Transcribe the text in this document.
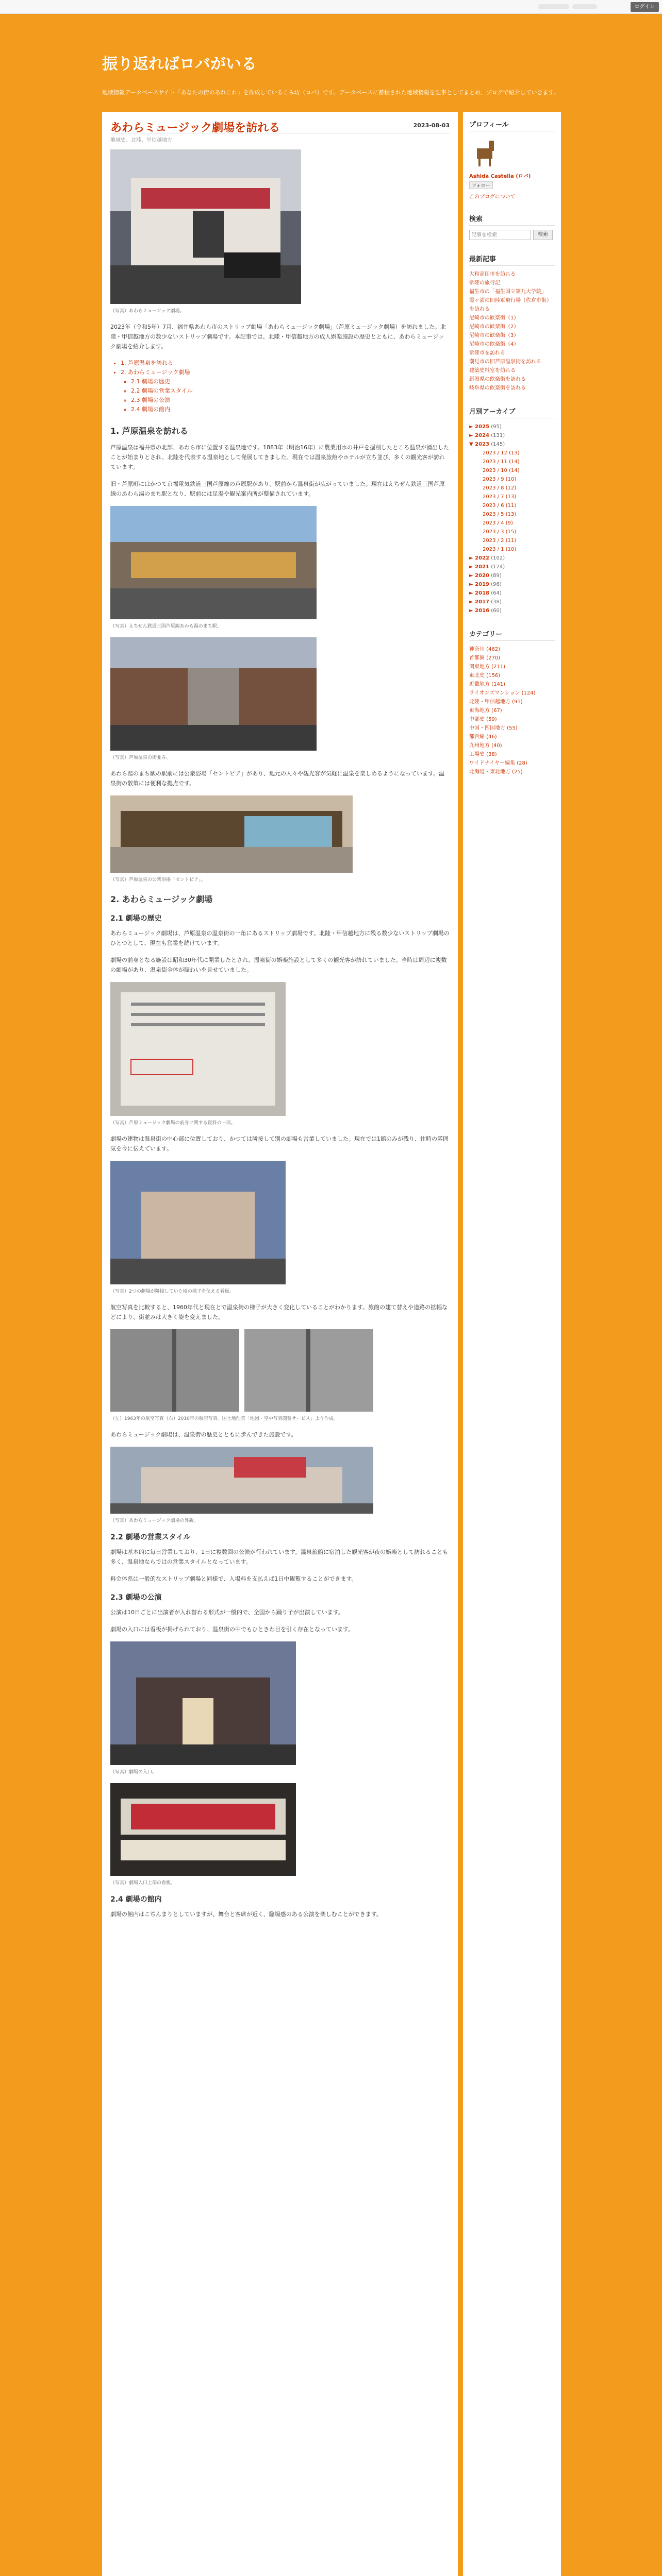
ログイン
振り返ればロバがいる
地域情報データベースサイト「あなたの街のあれこれ」を作成しているこみ坊（ロバ）です。データベースに蓄積された地域情報を記事としてまとめ、ブログで紹介していきます。
あわらミュージック劇場を訪れる	2023-08-03
地域史、北陸、甲信越地方
（写真）あわらミュージック劇場。

2023年（令和5年）7月、福井県あわら市のストリップ劇場「あわらミュージック劇場」（芦原ミュージック劇場）を訪れました。北陸・甲信越地方の数少ないストリップ劇場です。本記事では、北陸・甲信越地方の成人娯楽施設の歴史とともに、あわらミュージック劇場を紹介します。

• 1. 芦原温泉を訪れる
• 2. あわらミュージック劇場
◦ 2.1 劇場の歴史
◦ 2.2 劇場の営業スタイル
◦ 2.3 劇場の公演
◦ 2.4 劇場の館内
1. 芦原温泉を訪れる

芦原温泉は福井県の北部、あわら市に位置する温泉地です。1883年（明治16年）に農業用水の井戸を掘削したところ温泉が湧出したことが始まりとされ、北陸を代表する温泉地として発展してきました。現在では温泉旅館やホテルが立ち並び、多くの観光客が訪れています。

旧・芦原町にはかつて京福電気鉄道三国芦原線の芦原駅があり、駅前から温泉街が広がっていました。現在はえちぜん鉄道三国芦原線のあわら湯のまち駅となり、駅前には足湯や観光案内所が整備されています。

（写真）えちぜん鉄道三国芦原線あわら湯のまち駅。
（写真）芦原温泉の街並み。

あわら湯のまち駅の駅前には公衆浴場「セントピア」があり、地元の人々や観光客が気軽に温泉を楽しめるようになっています。温泉街の散策には便利な拠点です。

（写真）芦原温泉の公衆浴場「セントピア」。
2. あわらミュージック劇場
2.1 劇場の歴史

あわらミュージック劇場は、芦原温泉の温泉街の一角にあるストリップ劇場です。北陸・甲信越地方に残る数少ないストリップ劇場のひとつとして、現在も営業を続けています。

劇場の前身となる施設は昭和30年代に開業したとされ、温泉街の娯楽施設として多くの観光客が訪れていました。当時は周辺に複数の劇場があり、温泉街全体が賑わいを見せていました。

（写真）芦原ミュージック劇場の前身に関する資料の一部。

劇場の建物は温泉街の中心部に位置しており、かつては隣接して別の劇場も営業していました。現在では1館のみが残り、往時の雰囲気を今に伝えています。

（写真）2つの劇場が隣接していた頃の様子を伝える看板。

航空写真を比較すると、1960年代と現在とで温泉街の様子が大きく変化していることがわかります。旅館の建て替えや道路の拡幅などにより、街並みは大きく姿を変えました。

（左）1963年の航空写真（右）2010年の航空写真。国土地理院「地図・空中写真閲覧サービス」より作成。

あわらミュージック劇場は、温泉街の歴史とともに歩んできた施設です。

（写真）あわらミュージック劇場の外観。
2.2 劇場の営業スタイル

劇場は基本的に毎日営業しており、1日に複数回の公演が行われています。温泉旅館に宿泊した観光客が夜の娯楽として訪れることも多く、温泉地ならではの営業スタイルとなっています。

料金体系は一般的なストリップ劇場と同様で、入場料を支払えば1日中観覧することができます。

2.3 劇場の公演

公演は10日ごとに出演者が入れ替わる形式が一般的で、全国から踊り子が出演しています。

劇場の入口には看板が掲げられており、温泉街の中でもひときわ目を引く存在となっています。

（写真）劇場の入口。
（写真）劇場入口上部の看板。
2.4 劇場の館内

劇場の館内はこぢんまりとしていますが、舞台と客席が近く、臨場感のある公演を楽しむことができます。

プロフィール
Ashida Castella (ロバ)
フォロー
このブログについて
検索
記事を検索
検索
最新記事
大和高田市を訪れる
常陸の旅行記
福生市の「福生国立第九大学院」
霞ヶ浦の旧陸軍飛行場（佐倉市街）を訪れる
尼崎市の歓楽街（1）
尼崎市の歓楽街（2）
尼崎市の歓楽街（3）
尼崎市の飲楽街（4）
常陸市を訪れる
潮見市の旧芦原温泉街を訪れる
建築史料室を訪れる
新潟県の飲楽街を訪れる
岐阜県の飲楽街を訪れる
月別アーカイブ
► 2025 (95)
► 2024 (131)
▼ 2023 (145)
2023 / 12 (13)
2023 / 11 (14)
2023 / 10 (14)
2023 / 9 (10)
2023 / 8 (12)
2023 / 7 (13)
2023 / 6 (11)
2023 / 5 (13)
2023 / 4 (9)
2023 / 3 (15)
2023 / 2 (11)
2023 / 1 (10)
► 2022 (102)
► 2021 (124)
► 2020 (89)
► 2019 (96)
► 2018 (64)
► 2017 (38)
► 2016 (60)
カテゴリー
神奈川 (462)
首都圏 (270)
関東地方 (211)
東北史 (156)
近畿地方 (141)
ライオンズマンション (124)
北陸・甲信越地方 (91)
東海地方 (67)
中部史 (59)
中国・四国地方 (55)
都営線 (46)
九州地方 (40)
工場史 (38)
ワイドナイヤー編集 (28)
北海道・東北地方 (25)
